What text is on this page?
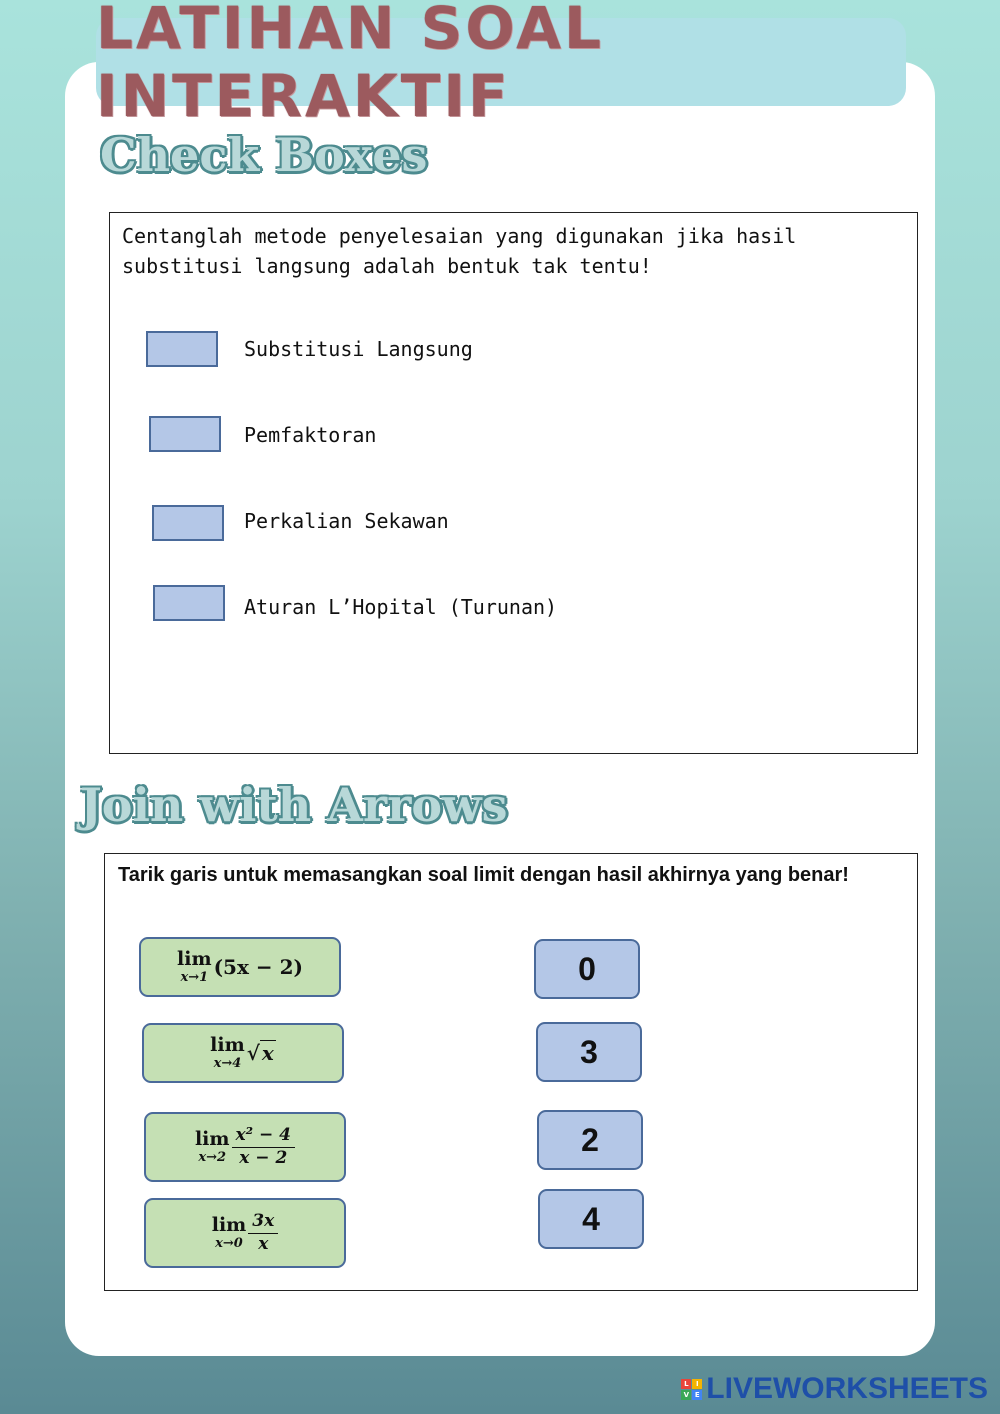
LATIHAN SOAL INTERAKTIF
Check Boxes
Centanglah metode penyelesaian yang digunakan jika hasil substitusi langsung adalah bentuk tak tentu!
Substitusi Langsung
Pemfaktoran
Perkalian Sekawan
Aturan L’Hopital (Turunan)
Join with Arrows
Tarik garis untuk memasangkan soal limit dengan hasil akhirnya yang benar!
lim
x→1 (5x − 2)
lim
x→4 √ x
lim
$x\to 2 \frac{\text{x² − 4}}{x - 2}$
lim
$x\to 0 \frac{3x}{x}$
0
3
2
4
L	I
V E LIVEWORKSHEETS
